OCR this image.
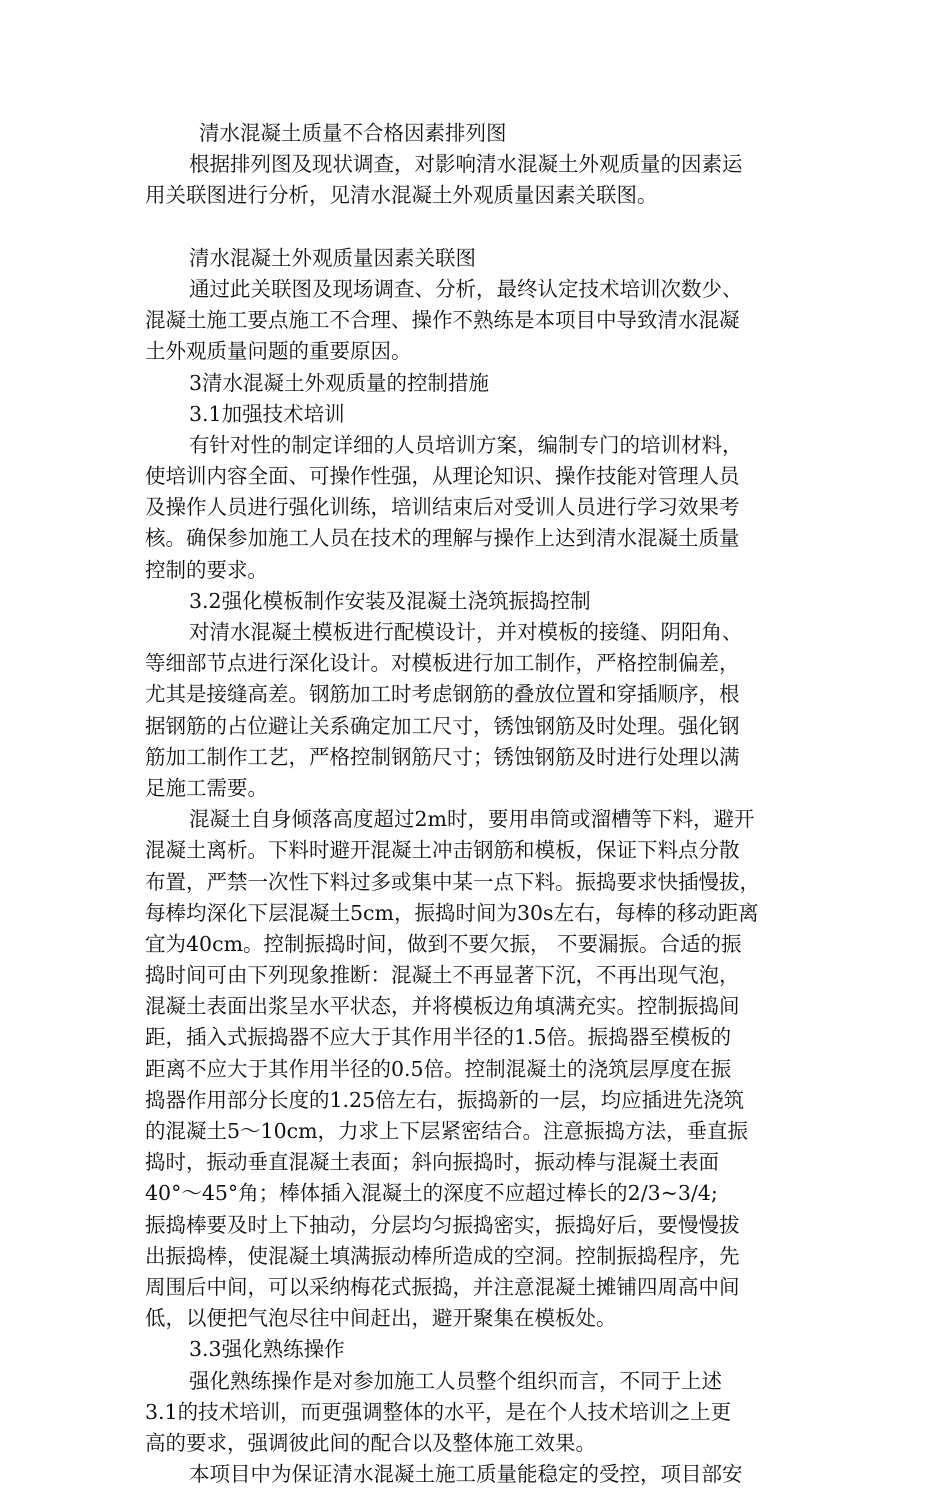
清水混凝土质量不合格因素排列图
根据排列图及现状调查，对影响清水混凝土外观质量的因素运
用关联图进行分析，见清水混凝土外观质量因素关联图。
清水混凝土外观质量因素关联图
通过此关联图及现场调查、分析，最终认定技术培训次数少、
混凝土施工要点施工不合理、操作不熟练是本项目中导致清水混凝
土外观质量问题的重要原因。
3清水混凝土外观质量的控制措施
3.1加强技术培训
有针对性的制定详细的人员培训方案，编制专门的培训材料，
使培训内容全面、可操作性强，从理论知识、操作技能对管理人员
及操作人员进行强化训练，培训结束后对受训人员进行学习效果考
核。确保参加施工人员在技术的理解与操作上达到清水混凝土质量
控制的要求。
3.2强化模板制作安装及混凝土浇筑振捣控制
对清水混凝土模板进行配模设计，并对模板的接缝、阴阳角、
等细部节点进行深化设计。对模板进行加工制作，严格控制偏差，
尤其是接缝高差。钢筋加工时考虑钢筋的叠放位置和穿插顺序，根
据钢筋的占位避让关系确定加工尺寸，锈蚀钢筋及时处理。强化钢
筋加工制作工艺，严格控制钢筋尺寸；锈蚀钢筋及时进行处理以满
足施工需要。
混凝土自身倾落高度超过2m时，要用串筒或溜槽等下料，避开
混凝土离析。下料时避开混凝土冲击钢筋和模板，保证下料点分散
布置，严禁一次性下料过多或集中某一点下料。振捣要求快插慢拔，
每棒均深化下层混凝土5cm，振捣时间为30s左右，每棒的移动距离
宜为40cm。控制振捣时间，做到不要欠振， 不要漏振。合适的振
捣时间可由下列现象推断：混凝土不再显著下沉，不再出现气泡，
混凝土表面出浆呈水平状态，并将模板边角填满充实。控制振捣间
距，插入式振捣器不应大于其作用半径的1.5倍。振捣器至模板的
距离不应大于其作用半径的0.5倍。控制混凝土的浇筑层厚度在振
捣器作用部分长度的1.25倍左右，振捣新的一层，均应插进先浇筑
的混凝土5～10cm，力求上下层紧密结合。注意振捣方法，垂直振
捣时，振动垂直混凝土表面；斜向振捣时，振动棒与混凝土表面
40°～45°角；棒体插入混凝土的深度不应超过棒长的2/3~3/4;
振捣棒要及时上下抽动，分层均匀振捣密实，振捣好后，要慢慢拔
出振捣棒，使混凝土填满振动棒所造成的空洞。控制振捣程序，先
周围后中间，可以采纳梅花式振捣，并注意混凝土摊铺四周高中间
低，以便把气泡尽往中间赶出，避开聚集在模板处。
3.3强化熟练操作
强化熟练操作是对参加施工人员整个组织而言，不同于上述
3.1的技术培训，而更强调整体的水平，是在个人技术培训之上更
高的要求，强调彼此间的配合以及整体施工效果。
本项目中为保证清水混凝土施工质量能稳定的受控，项目部安
